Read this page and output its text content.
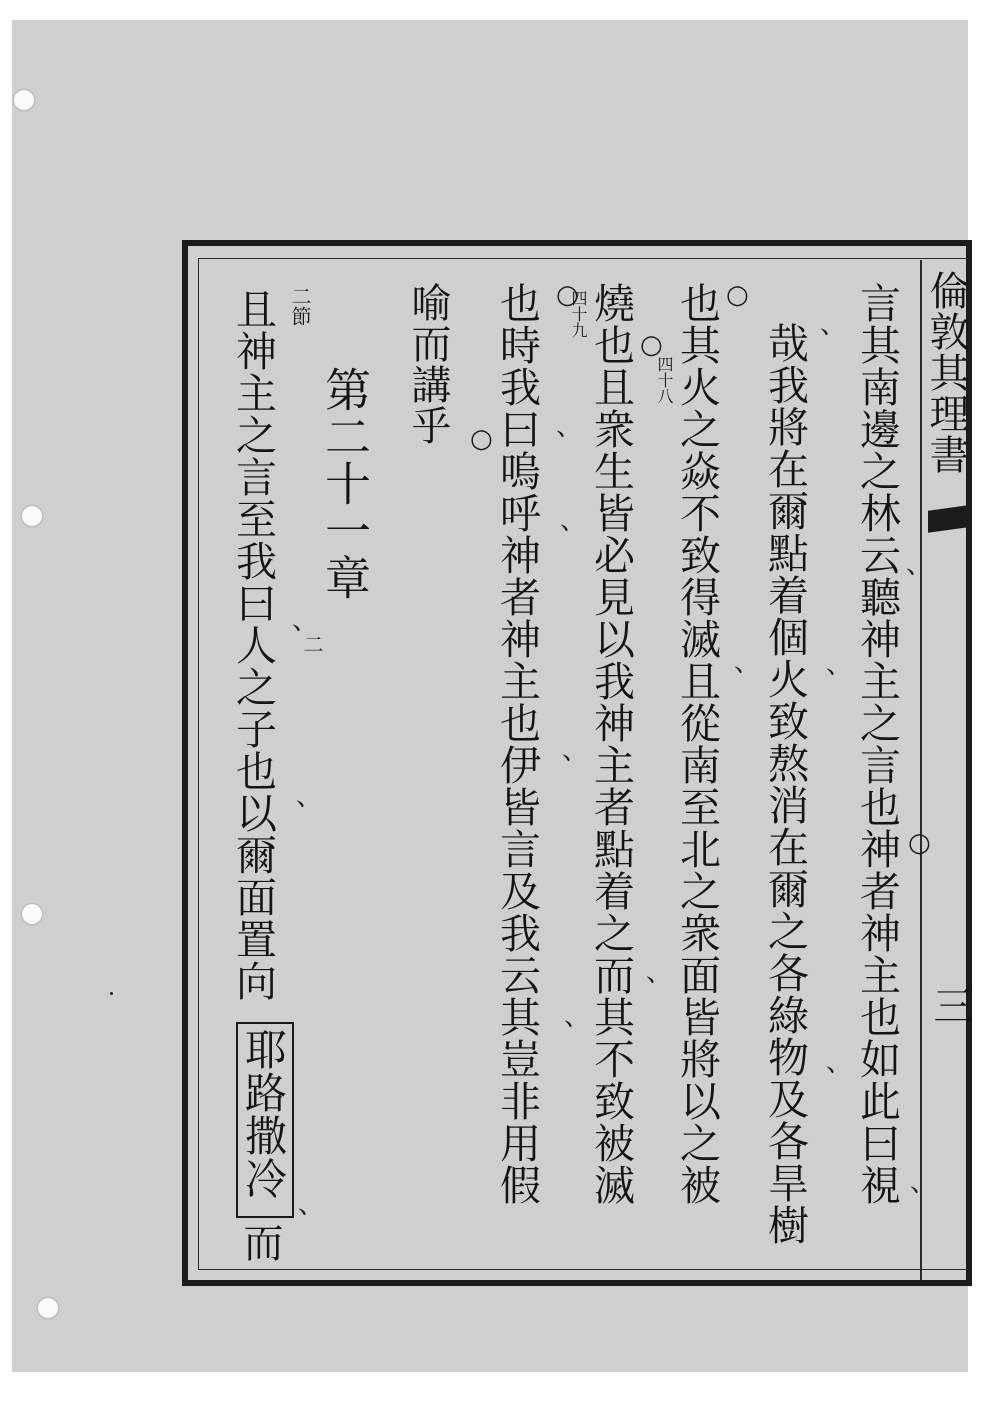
倫敦其理書
三
言其南邊之林云聽神主之言也神者神主也如此曰視
哉我將在爾點着個火致熬消在爾之各綠物及各旱樹
也其火之焱不致得滅且從南至北之衆面皆將以之被
燒也且衆生皆必見以我神主者點着之而其不致被滅
也時我曰嗚呼神者神主也伊皆言及我云其豈非用假
喻而講乎
第二十一章
且神主之言至我曰人之子也以爾面置向
耶路撒冷
而
四十八
四十九
二節
二
○
○
○
○
○
、
、
、
、
、
、
、
、
、
、
、
、
、
、
